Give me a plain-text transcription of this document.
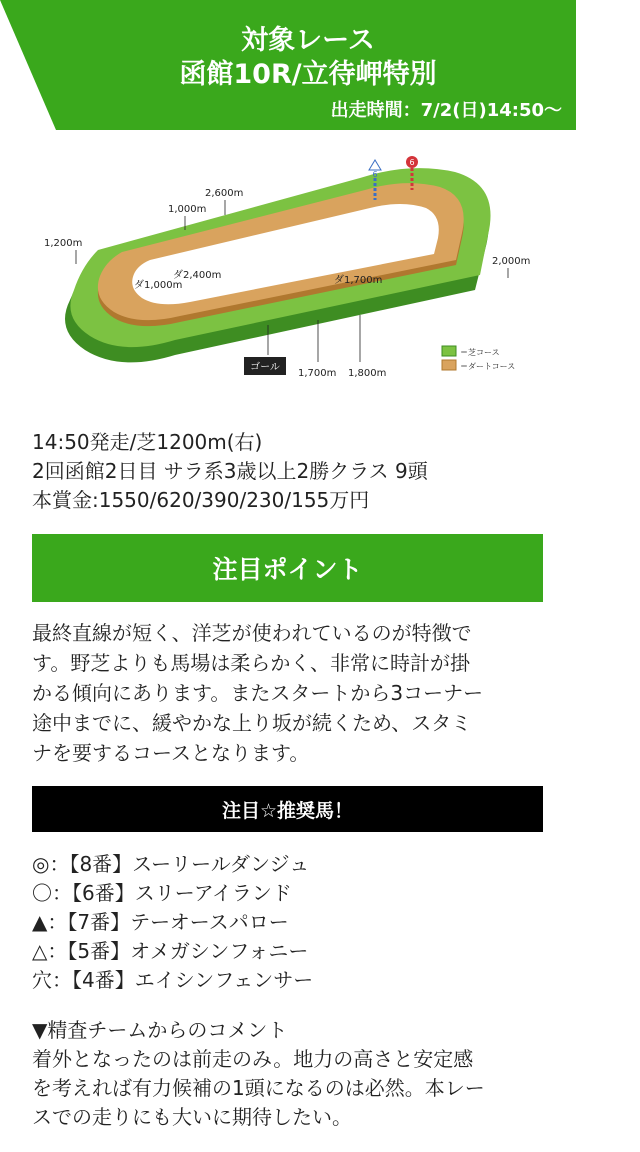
対象レース
函館10R/立待岬特別
出走時間：7/2(日)14:50〜
6
6
1,200m
1,000m
2,600m
ダ2,400m
ダ1,000m	ダ1,700m
2,000m
1,700m 1,800m
ゴール
＝芝コース
＝ダートコース
14:50発走/芝1200m(右)
2回函館2日目 サラ系3歳以上2勝クラス 9頭
本賞金:1550/620/390/230/155万円
注目ポイント
最終直線が短く、洋芝が使われているのが特徴で
す。野芝よりも馬場は柔らかく、非常に時計が掛
かる傾向にあります。またスタートから3コーナー
途中までに、緩やかな上り坂が続くため、スタミ
ナを要するコースとなります。
注目☆推奨馬！
◎：【8番】スーリールダンジュ
〇：【6番】スリーアイランド
▲：【7番】テーオースパロー
△：【5番】オメガシンフォニー
穴：【4番】エイシンフェンサー
▼精査チームからのコメント
着外となったのは前走のみ。地力の高さと安定感
を考えれば有力候補の1頭になるのは必然。本レー
スでの走りにも大いに期待したい。
